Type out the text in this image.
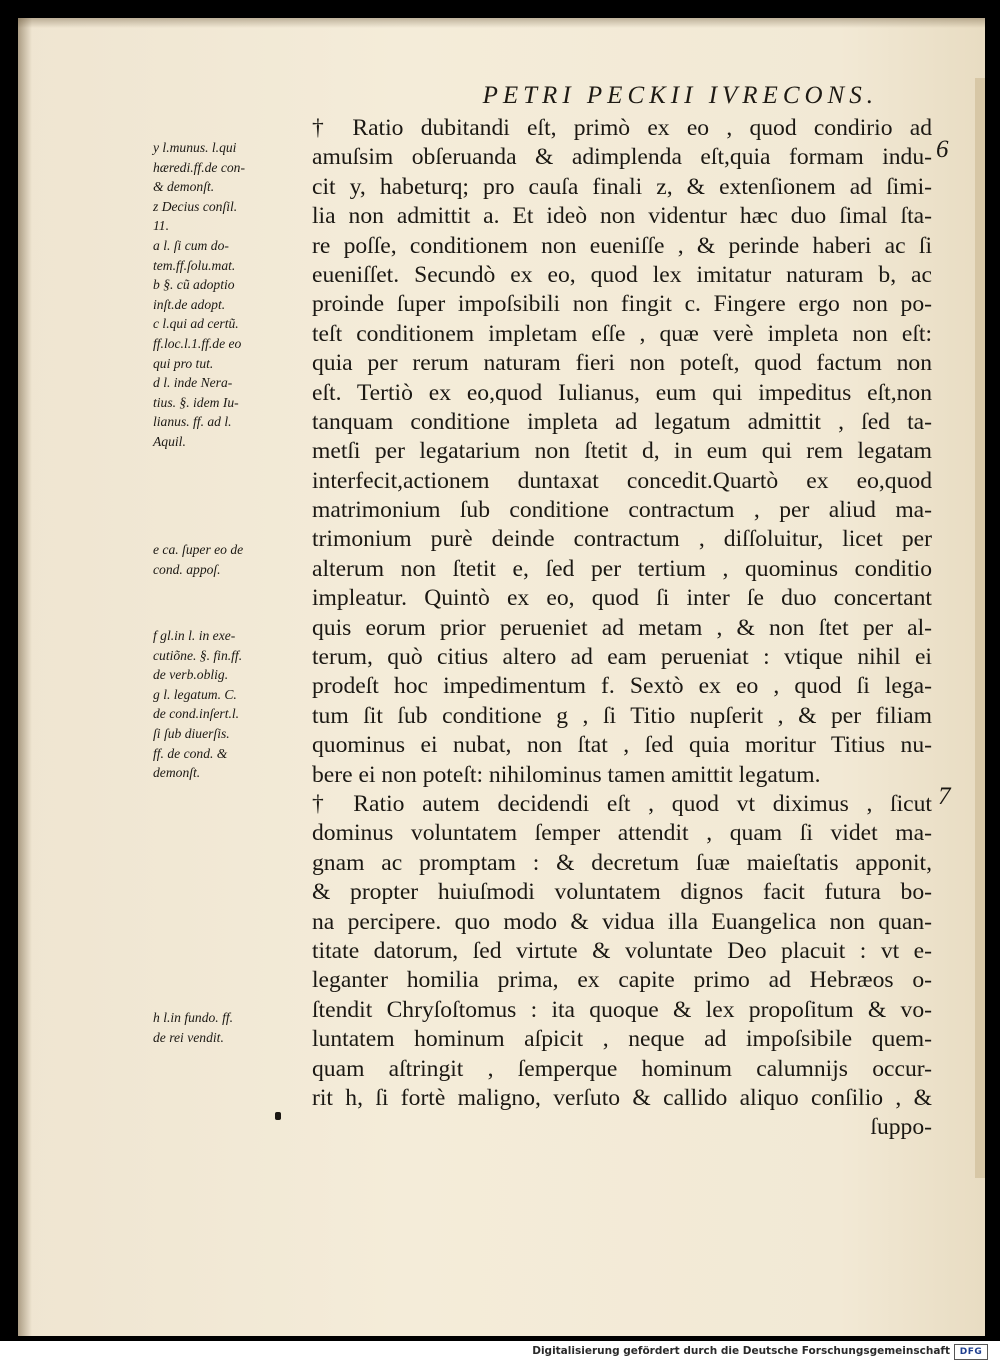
PETRI PECKII IVRECONS.
† Ratio dubitandi eſt, primò ex eo , quod condirio ad
amuſsim obſeruanda & adimplenda eſt,quia formam indu-
cit y, habeturq; pro cauſa finali z, & extenſionem ad ſimi-
lia non admittit a. Et ideò non videntur hæc duo ſimal ſta-
re poſſe, conditionem non eueniſſe , & perinde haberi ac ſi
eueniſſet. Secundò ex eo, quod lex imitatur naturam b, ac
proinde ſuper impoſsibili non fingit c. Fingere ergo non po-
teſt conditionem impletam eſſe , quæ verè impleta non eſt:
quia per rerum naturam fieri non poteſt, quod factum non
eſt. Tertiò ex eo,quod Iulianus, eum qui impeditus eſt,non
tanquam conditione impleta ad legatum admittit , ſed ta-
metſi per legatarium non ſtetit d, in eum qui rem legatam
interfecit,actionem duntaxat concedit.Quartò ex eo,quod
matrimonium ſub conditione contractum , per aliud ma-
trimonium purè deinde contractum , diſſoluitur, licet per
alterum non ſtetit e, ſed per tertium , quominus conditio
impleatur. Quintò ex eo, quod ſi inter ſe duo concertant
quis eorum prior perueniet ad metam , & non ſtet per al-
terum, quò citius altero ad eam perueniat : vtique nihil ei
prodeſt hoc impedimentum f. Sextò ex eo , quod ſi lega-
tum ſit ſub conditione g , ſi Titio nupſerit , & per filiam
quominus ei nubat, non ſtat , ſed quia moritur Titius nu-
bere ei non poteſt: nihilominus tamen amittit legatum.
† Ratio autem decidendi eſt , quod vt diximus , ſicut
dominus voluntatem ſemper attendit , quam ſi videt ma-
gnam ac promptam : & decretum ſuæ maieſtatis apponit,
& propter huiuſmodi voluntatem dignos facit futura bo-
na percipere. quo modo & vidua illa Euangelica non quan-
titate datorum, ſed virtute & voluntate Deo placuit : vt e-
leganter homilia prima, ex capite primo ad Hebræos o-
ſtendit Chryſoſtomus : ita quoque & lex propoſitum & vo-
luntatem hominum aſpicit , neque ad impoſsibile quem-
quam aſtringit , ſemperque hominum calumnijs occur-
rit h, ſi fortè maligno, verſuto & callido aliquo conſilio , &
ſuppo-
6
7
y l.munus. l.qui
hæredi.ff.de con-
& demonſt.
z Decius conſil.
11.
a l. ſi cum do-
tem.ff.ſolu.mat.
b §. cũ adoptio
inſt.de adopt.
c l.qui ad certũ.
ff.loc.l.1.ff.de eo
qui pro tut.
d l. inde Nera-
tius. §. idem Iu-
lianus. ff. ad l.
Aquil.
e ca. ſuper eo de
cond. appoſ.
f gl.in l. in exe-
cutiõne. §. fin.ff.
de verb.oblig.
g l. legatum. C.
de cond.inſert.l.
ſi ſub diuerſis.
ff. de cond. &
demonſt.
h l.in fundo. ff.
de rei vendit.
Digitalisierung gefördert durch die Deutsche Forschungsgemeinschaft	DFG
